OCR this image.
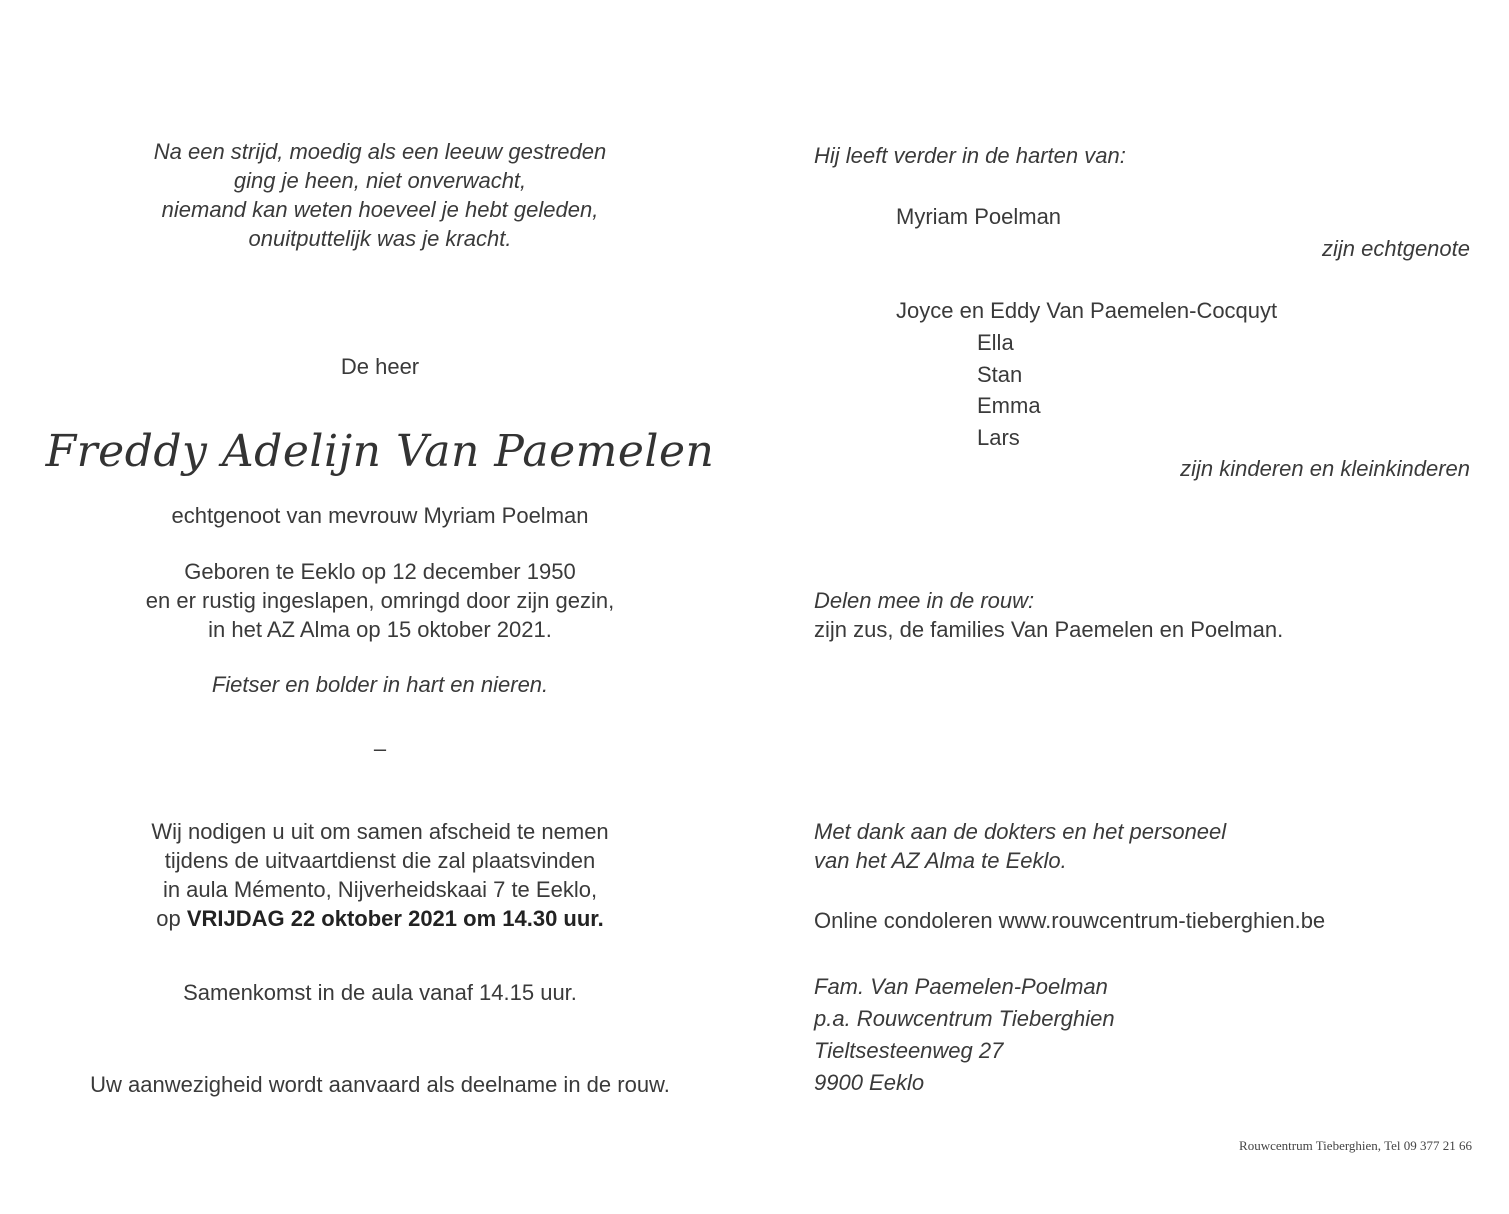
Na een strijd, moedig als een leeuw gestreden
ging je heen, niet onverwacht,
niemand kan weten hoeveel je hebt geleden,
onuitputtelijk was je kracht.
De heer
Freddy Adelijn Van Paemelen
echtgenoot van mevrouw Myriam Poelman
Geboren te Eeklo op 12 december 1950
en er rustig ingeslapen, omringd door zijn gezin,
in het AZ Alma op 15 oktober 2021.
Fietser en bolder in hart en nieren.
–
Wij nodigen u uit om samen afscheid te nemen
tijdens de uitvaartdienst die zal plaatsvinden
in aula Mémento, Nijverheidskaai 7 te Eeklo,
op VRIJDAG 22 oktober 2021 om 14.30 uur.
Samenkomst in de aula vanaf 14.15 uur.
Uw aanwezigheid wordt aanvaard als deelname in de rouw.
Hij leeft verder in de harten van:
Myriam Poelman
zijn echtgenote
Joyce en Eddy Van Paemelen-Cocquyt
Ella
Stan
Emma
Lars
zijn kinderen en kleinkinderen
Delen mee in de rouw:
zijn zus, de families Van Paemelen en Poelman.
Met dank aan de dokters en het personeel
van het AZ Alma te Eeklo.
Online condoleren www.rouwcentrum-tieberghien.be
Fam. Van Paemelen-Poelman
p.a. Rouwcentrum Tieberghien
Tieltsesteenweg 27
9900 Eeklo
Rouwcentrum Tieberghien, Tel 09 377 21 66
